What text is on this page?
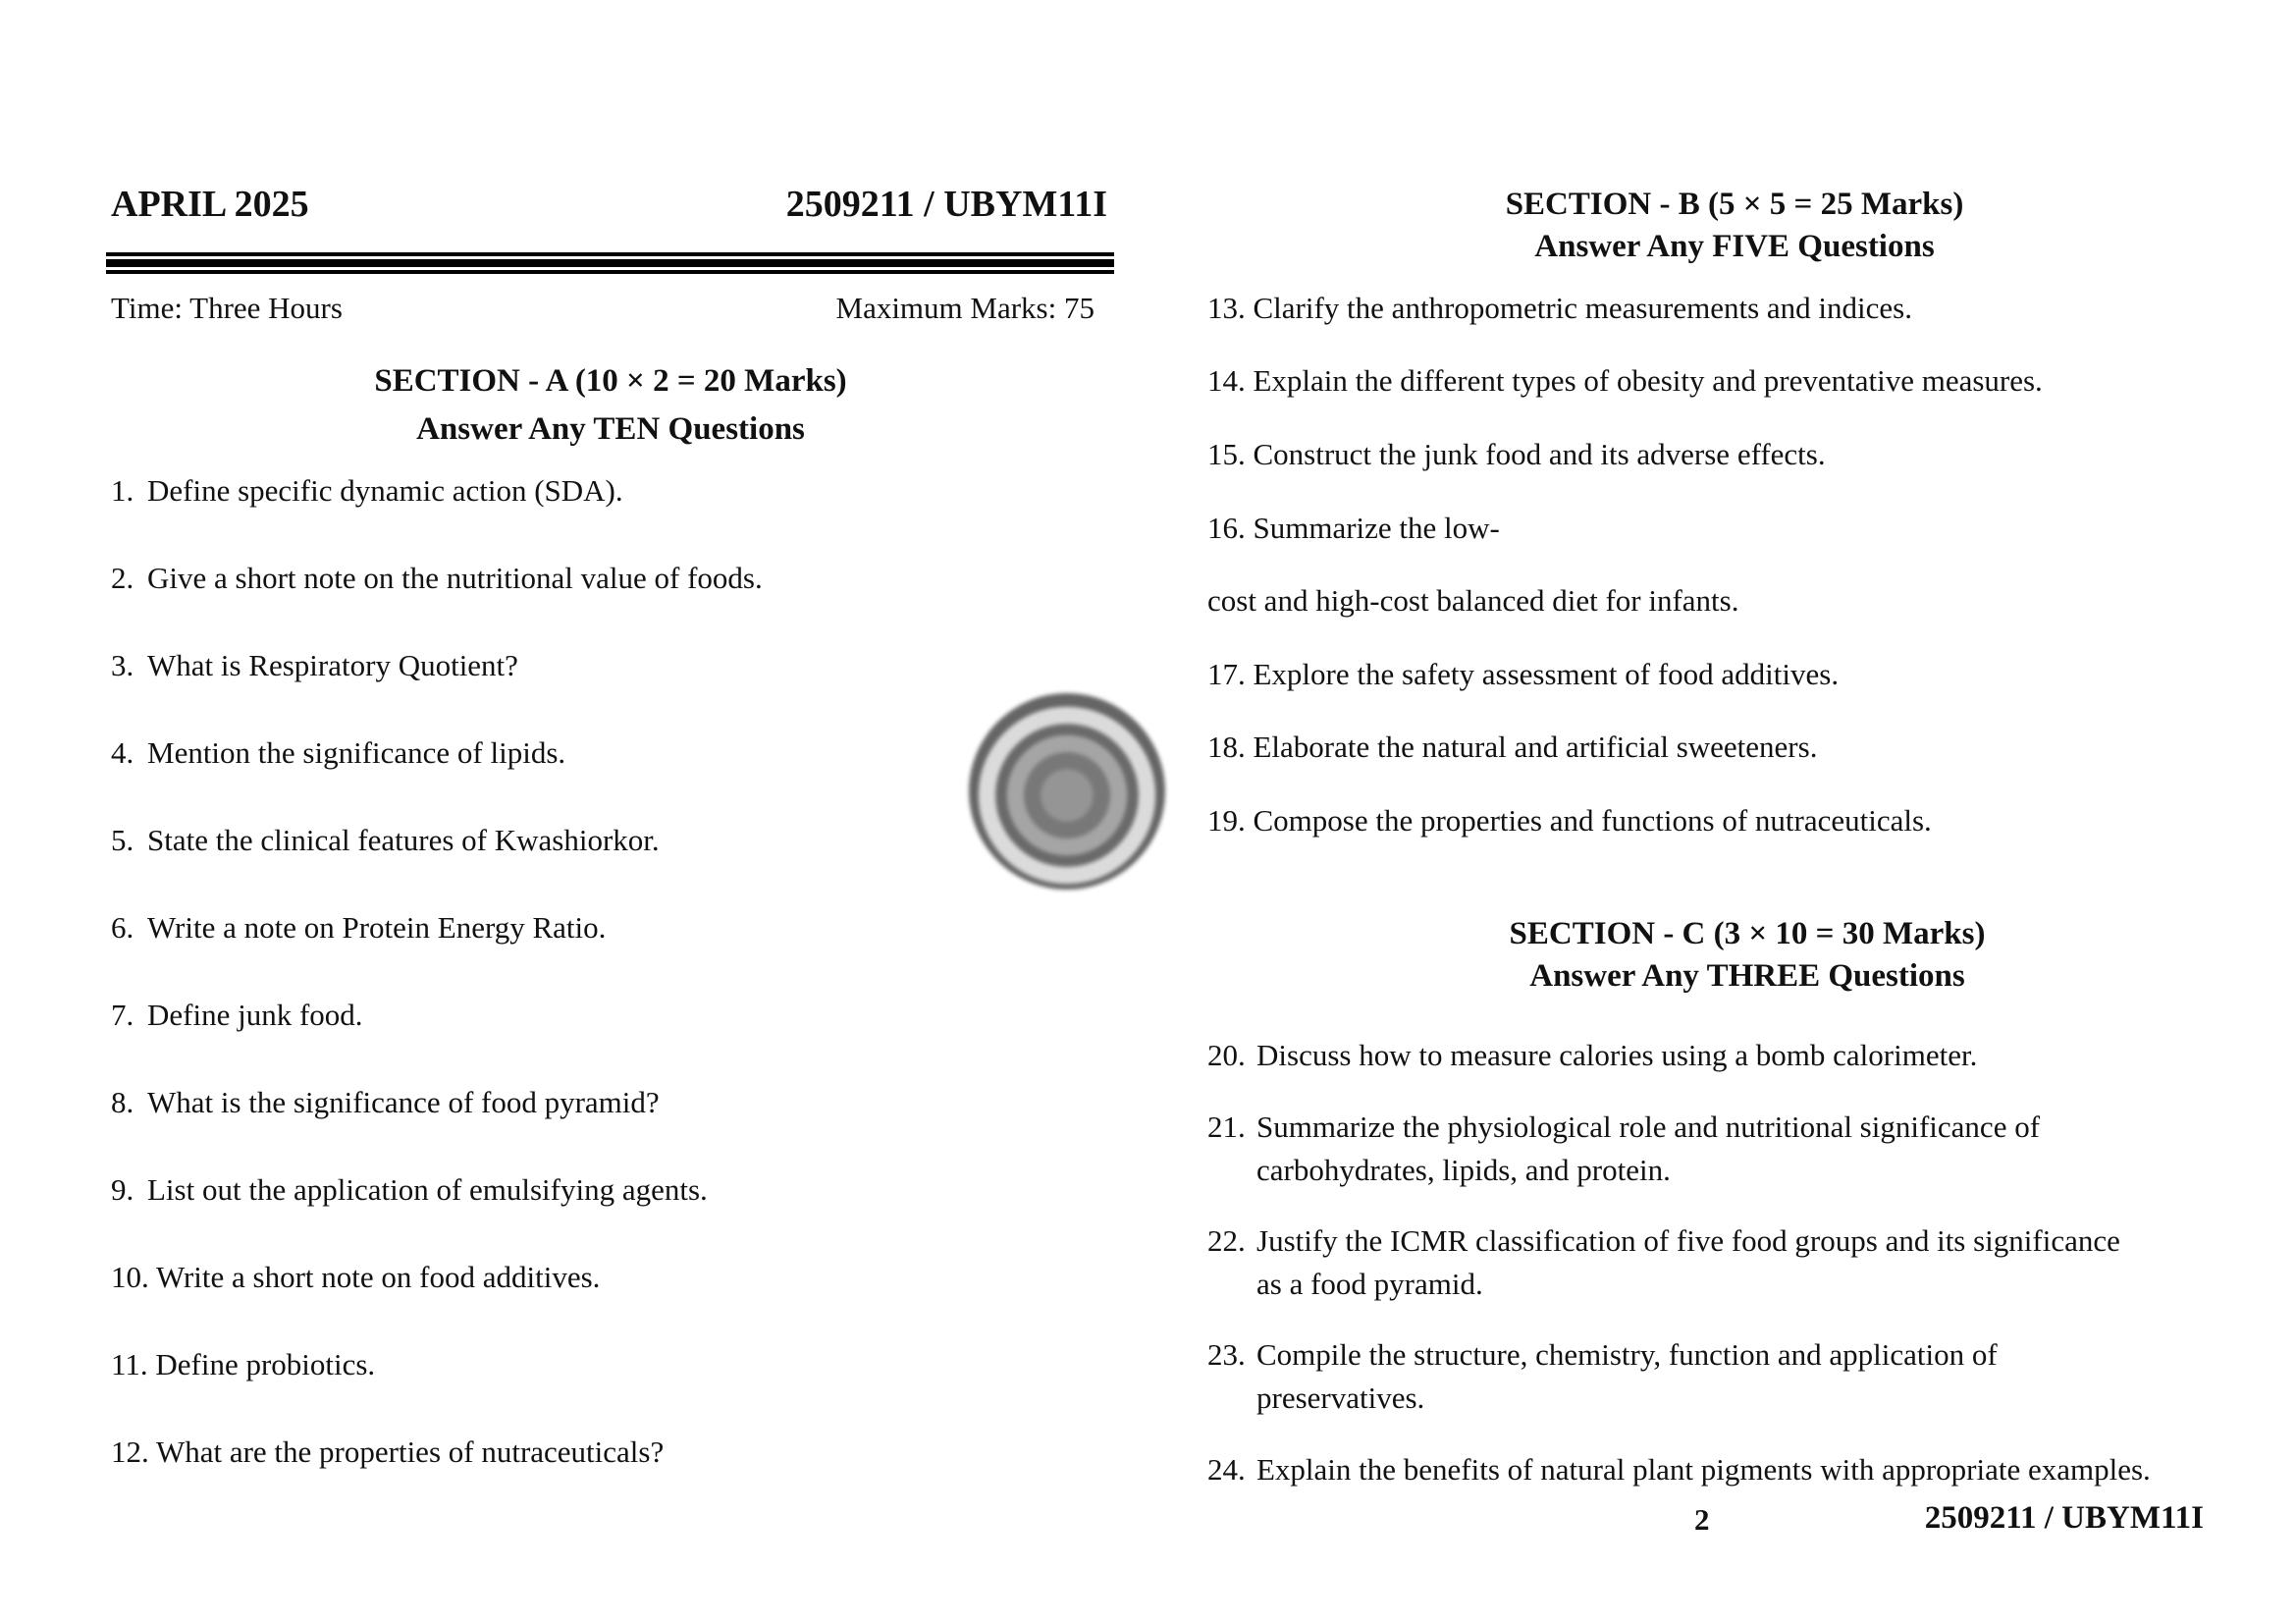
APRIL 2025	2509211 / UBYM11I
Time: Three Hours	Maximum Marks: 75
SECTION - A (10 × 2 = 20 Marks)
Answer Any TEN Questions
1. Define specific dynamic action (SDA).
2. Give a short note on the nutritional value of foods.
3. What is Respiratory Quotient?
4. Mention the significance of lipids.
5. State the clinical features of Kwashiorkor.
6. Write a note on Protein Energy Ratio.
7. Define junk food.
8. What is the significance of food pyramid?
9. List out the application of emulsifying agents.
10. Write a short note on food additives.
11. Define probiotics.
12. What are the properties of nutraceuticals?
SECTION - B (5 × 5 = 25 Marks)
Answer Any FIVE Questions
13. Clarify the anthropometric measurements and indices.
14. Explain the different types of obesity and preventative measures.
15. Construct the junk food and its adverse effects.
16. Summarize the low-
cost and high-cost balanced diet for infants.
17. Explore the safety assessment of food additives.
18. Elaborate the natural and artificial sweeteners.
19. Compose the properties and functions of nutraceuticals.
SECTION - C (3 × 10 = 30 Marks)
Answer Any THREE Questions
20. Discuss how to measure calories using a bomb calorimeter.
21. Summarize the physiological role and nutritional significance of
carbohydrates, lipids, and protein.
22. Justify the ICMR classification of five food groups and its significance
as a food pyramid.
23. Compile the structure, chemistry, function and application of
preservatives.
24. Explain the benefits of natural plant pigments with appropriate examples.
2	2509211 / UBYM11I
